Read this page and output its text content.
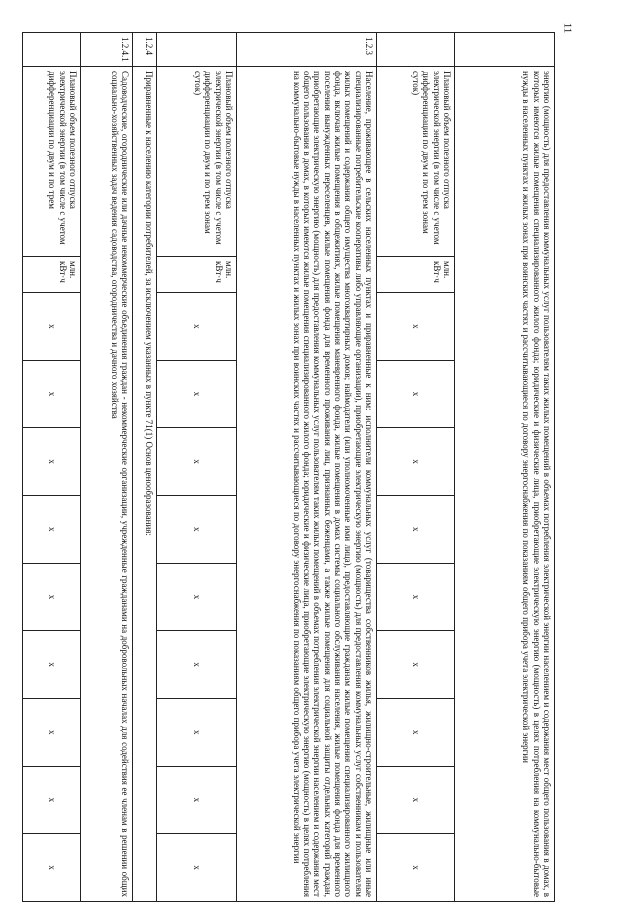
11
	энергию (мощность) для предоставления коммунальных услуг пользователям таких жилых помещений в объемах потребления электрической энергии населением и содержания мест общего пользования в домах, в которых имеются жилые помещения специализированного жилого фонда; юридические и физические лица, приобретающие электрическую энергию (мощность) в целях потребления на коммунально-бытовые нужды в населенных пунктах и жилых зонах при воинских частях и рассчитывающиеся по договору энергоснабжения по показаниям общего прибора учета электрической энергии										
	Плановый объем полезного отпуска электрической энергии (в том числе с учетом дифференциации по двум и по трем зонам суток)	млн. кВт·ч	х	х	х	х	х	х	х	х	х
1.2.3	Население, проживающее в сельских населенных пунктах и приравненные к ним: исполнители коммунальных услуг (товарищества собственников жилья, жилищно-строительные, жилищные или иные специализированные потребительские кооперативы либо управляющие организации), приобретающие электрическую энергию (мощность) для предоставления коммунальных услуг собственникам и пользователям жилых помещений и содержания общего имущества многоквартирных домов; наймодатели (или уполномоченные ими лица), предоставляющие гражданам жилые помещения специализированного жилищного фонда, включая жилые помещения в общежитиях, жилые помещения маневренного фонда, жилые помещения в домах системы социального обслуживания населения, жилые помещения фонда для временного поселения вынужденных переселенцев, жилые помещения фонда для временного проживания лиц, признанных беженцами, а также жилые помещения для социальной защиты отдельных категорий граждан, приобретающие электрическую энергию (мощность) для предоставления коммунальных услуг пользователям таких жилых помещений в объемах потребления электрической энергии населением и содержания мест общего пользования в домах, в которых имеются жилые помещения специализированного жилого фонда; юридические и физические лица, приобретающие электрическую энергию (мощность) в целях потребления на коммунально-бытовые нужды в населенных пунктах и жилых зонах при воинских частях и рассчитывающиеся по договору энергоснабжения по показаниям общего прибора учета электрической энергии										
	Плановый объем полезного отпуска электрической энергии (в том числе с учетом дифференциации по двум и по трем зонам суток)	млн. кВт·ч	х	х	х	х	х	х	х	х	х
1.2.4	Приравненные к населению категории потребителей, за исключением указанных в пункте 71(1) Основ ценообразования:										
1.2.4.1	Садоводческие, огороднические или дачные некоммерческие объединения граждан - некоммерческие организации, учрежденные гражданами на добровольных началах для содействия ее членам в решении общих социально-хозяйственных задач ведения садоводства, огородничества и дачного хозяйства										
	Плановый объем полезного отпуска электрической энергии (в том числе с учетом дифференциации по двум и по трем	млн. кВт·ч	х	х	х	х	х	х	х	х	х
